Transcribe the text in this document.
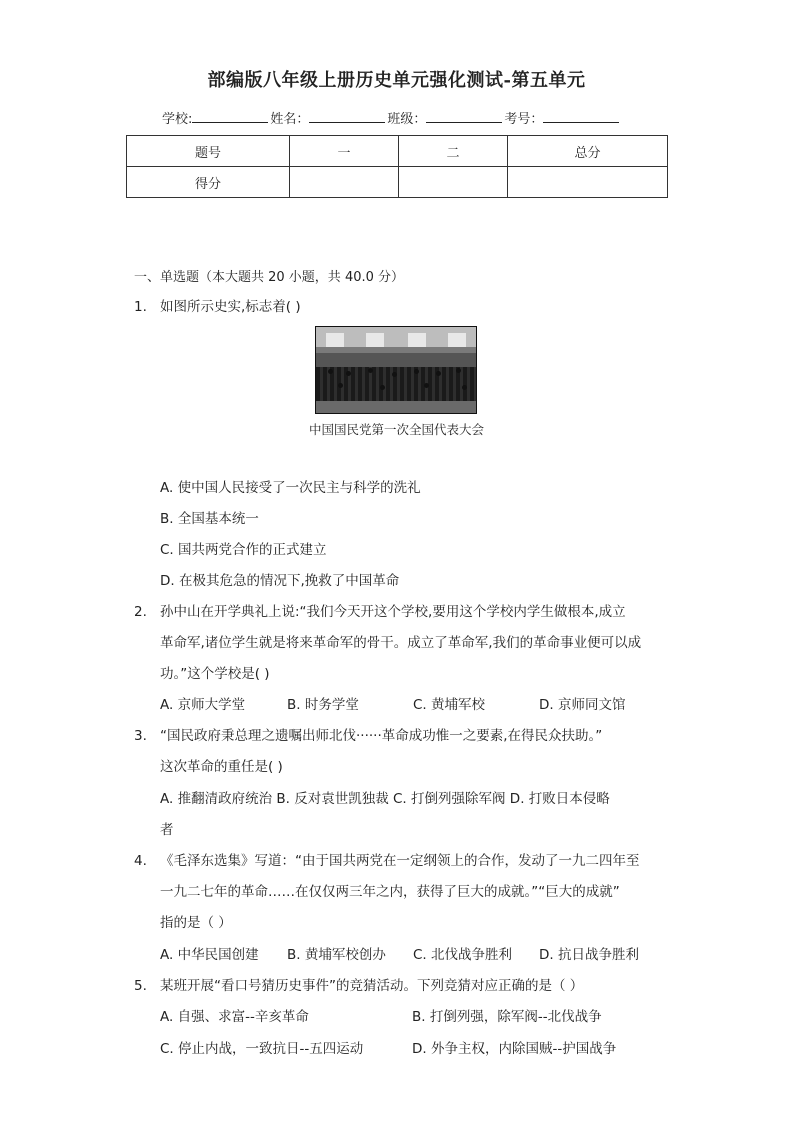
部编版八年级上册历史单元强化测试-第五单元
学校:	姓名：	班级：	考号：
题号	一	二	总分
得分			
一、单选题（本大题共 20 小题，共 40.0 分）
1. 如图所示史实,标志着( )
中国国民党第一次全国代表大会
A. 使中国人民接受了一次民主与科学的洗礼
B. 全国基本统一
C. 国共两党合作的正式建立
D. 在极其危急的情况下,挽救了中国革命
2. 孙中山在开学典礼上说:“我们今天开这个学校,要用这个学校内学生做根本,成立
革命军,诸位学生就是将来革命军的骨干。成立了革命军,我们的革命事业便可以成
功。”这个学校是( )
A. 京师大学堂	B. 时务学堂	C. 黄埔军校	D. 京师同文馆
3. “国民政府秉总理之遗嘱出师北伐······革命成功惟一之要素,在得民众扶助。”
这次革命的重任是( )
A. 推翻清政府统治 B. 反对袁世凯独裁 C. 打倒列强除军阀 D. 打败日本侵略
者
4. 《毛泽东选集》写道：“由于国共两党在一定纲领上的合作，发动了一九二四年至
一九二七年的革命……在仅仅两三年之内，获得了巨大的成就。”“巨大的成就”
指的是（ ）
A. 中华民国创建 B. 黄埔军校创办 C. 北伐战争胜利 D. 抗日战争胜利
5. 某班开展“看口号猜历史事件”的竞猜活动。下列竞猜对应正确的是（ ）
A. 自强、求富--辛亥革命	B. 打倒列强，除军阀--北伐战争
C. 停止内战，一致抗日--五四运动	D. 外争主权，内除国贼--护国战争
